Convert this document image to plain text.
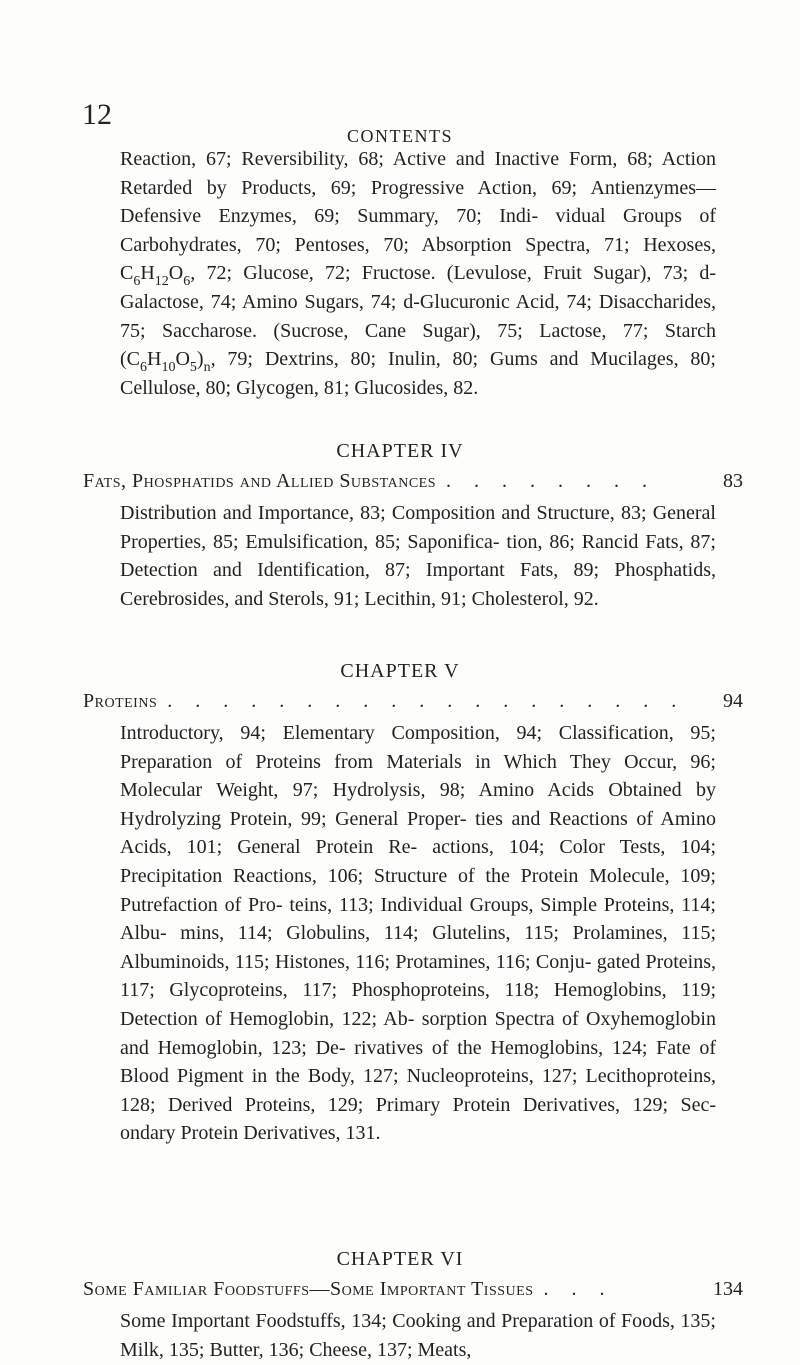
12
CONTENTS
Reaction, 67; Reversibility, 68; Active and Inactive Form, 68; Action Retarded by Products, 69; Progressive Action, 69; Antienzymes—Defensive Enzymes, 69; Summary, 70; Indi- vidual Groups of Carbohydrates, 70; Pentoses, 70; Absorption Spectra, 71; Hexoses, $C_6H_{12}O_6$, 72; Glucose, 72; Fructose. (Levulose, Fruit Sugar), 73; d-Galactose, 74; Amino Sugars, 74; d-Glucuronic Acid, 74; Disaccharides, 75; Saccharose. (Sucrose, Cane Sugar), 75; Lactose, 77; Starch $(C_6H_{10}O_5)_n$, 79; Dextrins, 80; Inulin, 80; Gums and Mucilages, 80; Cellulose, 80; Glycogen, 81; Glucosides, 82.
CHAPTER IV
Fats, Phosphatids and Allied Substances . . . . . . . .	83
Distribution and Importance, 83; Composition and Structure, 83; General Properties, 85; Emulsification, 85; Saponifica- tion, 86; Rancid Fats, 87; Detection and Identification, 87; Important Fats, 89; Phosphatids, Cerebrosides, and Sterols, 91; Lecithin, 91; Cholesterol, 92.
CHAPTER V
Proteins . . . . . . . . . . . . . . . . . . .	94
Introductory, 94; Elementary Composition, 94; Classification, 95; Preparation of Proteins from Materials in Which They Occur, 96; Molecular Weight, 97; Hydrolysis, 98; Amino Acids Obtained by Hydrolyzing Protein, 99; General Proper- ties and Reactions of Amino Acids, 101; General Protein Re- actions, 104; Color Tests, 104; Precipitation Reactions, 106; Structure of the Protein Molecule, 109; Putrefaction of Pro- teins, 113; Individual Groups, Simple Proteins, 114; Albu- mins, 114; Globulins, 114; Glutelins, 115; Prolamines, 115; Albuminoids, 115; Histones, 116; Protamines, 116; Conju- gated Proteins, 117; Glycoproteins, 117; Phosphoproteins, 118; Hemoglobins, 119; Detection of Hemoglobin, 122; Ab- sorption Spectra of Oxyhemoglobin and Hemoglobin, 123; De- rivatives of the Hemoglobins, 124; Fate of Blood Pigment in the Body, 127; Nucleoproteins, 127; Lecithoproteins, 128; Derived Proteins, 129; Primary Protein Derivatives, 129; Sec- ondary Protein Derivatives, 131.
CHAPTER VI
Some Familiar Foodstuffs—Some Important Tissues . . .	134
Some Important Foodstuffs, 134; Cooking and Preparation of Foods, 135; Milk, 135; Butter, 136; Cheese, 137; Meats,
